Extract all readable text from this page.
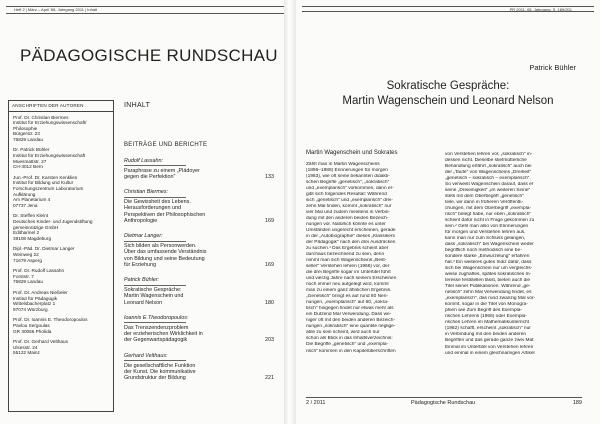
Heft 2 | März – April '68, Jahrgang 2011 | Inhalt
PÄDAGOGISCHE RUNDSCHAU
ANSCHRIFTEN DER AUTOREN
Prof. Dr. Christian Biermes
Institut für Erziehungswissenschaft/
Philosophie
Bürgerstr. 23
76829 Landau
Dr. Patrick Bühler
Institut für Erziehungswissenschaft
Muesmattstr. 27
CH-3012 Bern
Jun.-Prof. Dr. Karsten Kenklies
Institut für Bildung und Kultur
Forschungszentrum Laboratorium
Aufklärung
Am Planetarium 4
07737 Jena
Dr. Steffen Kleint
Deutsches Kinder- und Jugendstiftung
gemeinnützige GmbH
Editharinel 2
39108 Magdeburg
Dipl.-Päd. Dr. Dietmar Langer
Weinweg 22
71679 Asperg
Prof. Dr. Rudolf Lassahn
Forststr. 7
76829 Landau
Prof. Dr. Andreas Nießeler
Institut für Pädagogik
Wittelsbacherplatz 1
97074 Würzburg
Prof. Dr. Ioannis E. Theodoropoulos
Pavlou Sergoulas
GR 30056 Pholida
Prof. Dr. Gerhard Velthaus
Ulsesstr. 24
55122 Mainz
INHALT
BEITRÄGE UND BERICHTE
Rudolf Lassahn:
Paraphrase zu einem „Plädoyer
gegen die Perfektion"	133
Christian Biermes:
Die Gewissheit des Lebens.
Herausforderungen und
Perspektiven der Philosophischen
Anthropologie	169
Dietmar Langer:
Sich bilden als Personwerden.
Über das umfassende Verständnis
von Bildung und seine Bedeutung
für Erziehung	169
Patrick Bühler:
Sokratische Gespräche:
Martin Wagenschein und
Leonard Nelson	180
Ioannis E.Theodoropoulos:
Das Trenszendenzproblem
der erzieherischen Wirklichkeit in
der Gegenwartspädagogik	203
Gerhard Velthaus:
Die gesellschaftliche Funktion
der Kunst. Die kommunikative
Grundstruktur der Bildung	221
PR 2011, 65. Jahrgang, S. 189/201
Patrick Bühler
Sokratische Gespräche:
Martin Wagenschein und Leonard Nelson
Martin Wagenschein und Sokrates
Zählt man in Martin Wagenscheins
(1896–1988) Erinnerungen für morgen
(1983), wie oft seine bekannten didakti-
schen Begriffe „genetisch", „sokratisch"
und „exemplarisch" vorkommen, dann er-
gibt sich folgendes Resultat: Während
sich „genetisch" und „exemplarisch" drei-
zehn Mal finden, kommt „sokratisch" nur
vier Mal und zudem meistens in Verbin-
dung mit den anderen beiden Bezeich-
nungen vor. Natürlich könnte es unter
Umständen ungerecht erscheinen, gerade
in der „Autobiographie" dieses „Klassikers
der Pädagogik" nach den drei Ausdrücken
zu suchen.¹ Das Ergebnis scheint aber
durchaus bezeichnend zu sein, denn
nimmt man sich Wagenscheins „Best-
seller" Verstehen lehren (1968) vor, der
die drei Begriffe sogar im Untertitel führt
und vierzig Jahre nach seinem Erscheinen
noch immer neu aufgelegt wird, kommt
man zu einem ganz ähnlichen Ergebnis.
„Genetisch" bringt es auf rund 80 Nen-
nungen, „exemplarisch" auf 60, „sokra-
tisch" hingegen findet nur etwas mehr als
ein Dutzend Mal Verwendung. Dass we-
niger oft mit den beiden anderen Bezeich-
nungen „sokratisch" eine quantité néglige-
able zu sein scheint, wird auch nur
schon als Blick in das Inhaltsverzeichnis:
Die Begriffe „genetisch" und „exempla-
risch" kommen in den Kapitelüberschriften
von Verstehen lehren vor, „sokratisch" in-
dessen nicht. Dieselbe stiefmütterliche
Behandlung erfährt „sokratisch" auch bei
der „Taufe" von Wagenscheins „Dreiheit"
„genetisch – sokratisch – exemplarisch".
So verweist Wagenschein darauf, dass er
seine „Dreieinigkeit" „im weiteren Sinne"
stets mit dem Oberbegriff „genetisch"
teile, wir dann in früheren Veröffentli-
chungen, mit dem Oberbegriff „exempla-
risch" belegt habe, nur eben „sokratisch"
scheint dafür nicht in Frage gekommen zu
sein.² Gehl man also von Erinnerungen
für morgen und Verstehen lehren aus,
kann man nur zum Schluss gelangen,
dass „sokratisch" bei Wagenschein weder
begrifflich noch methodisch eine be-
sondere starke „Einwurzelung" erfahren
hat.³ Ein weiteres gutes Indiz dafür, dass
sich bei Wagenschein nur um vergleichs-
weise zughaftes, spätes sokratisches In-
teresse feststellen lässt, bieten auch die
Titel seiner Publikationen. Während „ge-
netisch" zehn Mal Verwendung findet, es
„exemplarisch", das rund zwanzig Mal vor-
kommt, sogar in die Titel von Monogra-
phien wie Zum Begriff des Exempla-
rischen Lehrens (1956) oder Exempla-
risches Lehren im Mathematikunterricht
(1962) schafft, erscheint „sokratisch" nur
in Verbindung mit den beiden anderen
Begriffen und das gerade ganze zwei Mal:
Einmal im Untertitel von Verstehen lehren
und einmal in einem gleichnamigen Artikel
2 / 2011	Pädagogische Rundschau	189
